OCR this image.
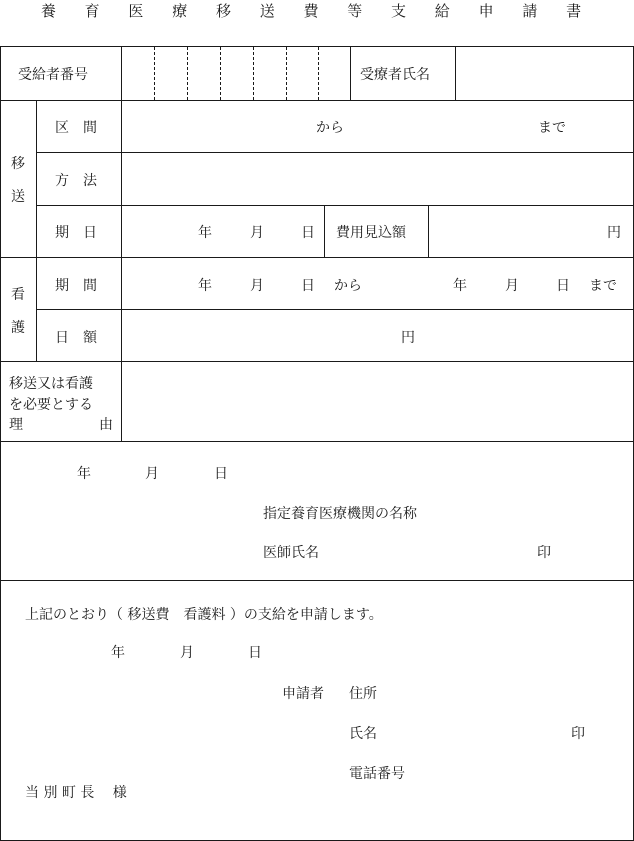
養 育 医 療 移 送 費 等 支 給 申 請 書
受給者番号	受療者氏名
移
送
区　間	から	まで
方　法
期　日	年	月	日 費用見込額	円
看
護
期　間	年	月	日 から	年	月	日 まで
日　額	円
移送又は看護
を必要とする
理	由
年	月	日
指定養育医療機関の名称
医師氏名	印
上記のとおり（ 移送費　看護料 ）の支給を申請します。
年	月	日
申請者 住所
氏名	印
電話番号
当 別 町 長　 様
